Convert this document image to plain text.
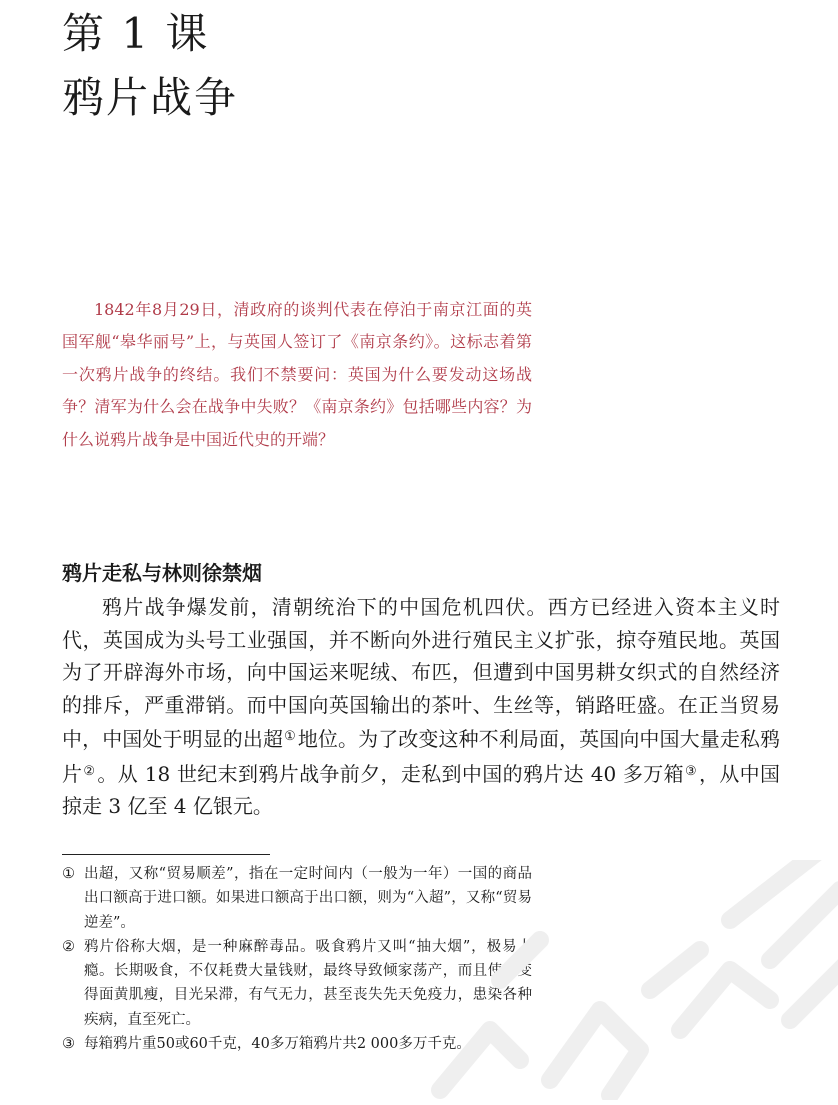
第 1 课
鸦片战争

1842年8月29日，清政府的谈判代表在停泊于南京江面的英国军舰“皋华丽号”上，与英国人签订了《南京条约》。这标志着第一次鸦片战争的终结。我们不禁要问：英国为什么要发动这场战争？清军为什么会在战争中失败？《南京条约》包括哪些内容？为什么说鸦片战争是中国近代史的开端？

鸦片走私与林则徐禁烟

鸦片战争爆发前，清朝统治下的中国危机四伏。西方已经进入资本主义时代，英国成为头号工业强国，并不断向外进行殖民主义扩张，掠夺殖民地。英国为了开辟海外市场，向中国运来呢绒、布匹，但遭到中国男耕女织式的自然经济的排斥，严重滞销。而中国向英国输出的茶叶、生丝等，销路旺盛。在正当贸易中，中国处于明显的出超① 地位。为了改变这种不利局面，英国向中国大量走私鸦片② 。从 18 世纪末到鸦片战争前夕，走私到中国的鸦片达 40 多万箱③ ，从中国掠走 3 亿至 4 亿银元。

① 出超，又称“贸易顺差”，指在一定时间内（一般为一年）一国的商品出口额高于进口额。如果进口额高于出口额，则为“入超”，又称“贸易逆差”。
② 鸦片俗称大烟，是一种麻醉毒品。吸食鸦片又叫“抽大烟”，极易上瘾。长期吸食，不仅耗费大量钱财，最终导致倾家荡产，而且使人变得面黄肌瘦，目光呆滞，有气无力，甚至丧失先天免疫力，患染各种疾病，直至死亡。
③ 每箱鸦片重50或60千克，40多万箱鸦片共2 000多万千克。
